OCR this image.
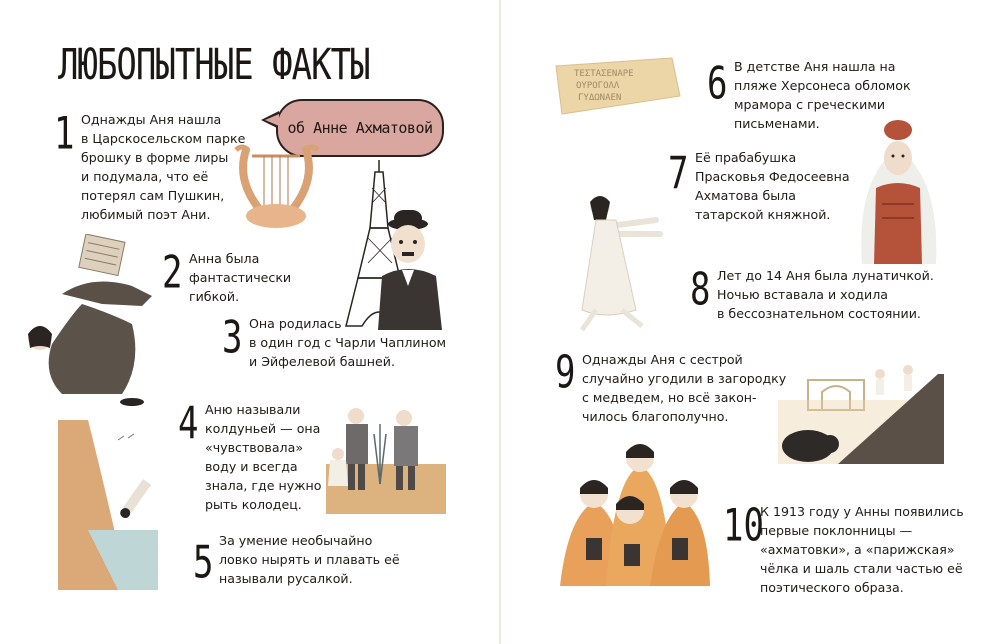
ЛЮБОПЫТНЫЕ ФАКТЫ
об Анне Ахматовой
1 Однажды Аня нашла
в Царскосельском парке
брошку в форме лиры
и подумала, что её
потерял сам Пушкин,
любимый поэт Ани.
2 Анна была
фантастически
гибкой.
3 Она родилась
в один год с Чарли Чаплином
и Эйфелевой башней.
4 Аню называли
колдуньей — она
«чувствовала»
воду и всегда
знала, где нужно
рыть колодец.
5 За умение необычайно
ловко нырять и плавать её
называли русалкой.
ΤΕΣΤΑΣΕΝΑΡΕ
ΟΥΡΟΓΟΛΛ
ΓΥΔΩΝΑΕΝ	6 В детстве Аня нашла на
пляже Херсонеса обломок
мрамора с греческими
письменами.
7 Её прабабушка
Прасковья Федосеевна
Ахматова была
татарской княжной.
8 Лет до 14 Аня была лунатичкой.
Ночью вставала и ходила
в бессознательном состоянии.
9 Однажды Аня с сестрой
случайно угодили в загородку
с медведем, но всё закон-
чилось благополучно.
10
К 1913 году у Анны появились
первые поклонницы —
«ахматовки», а «парижская»
чёлка и шаль стали частью её
поэтического образа.
